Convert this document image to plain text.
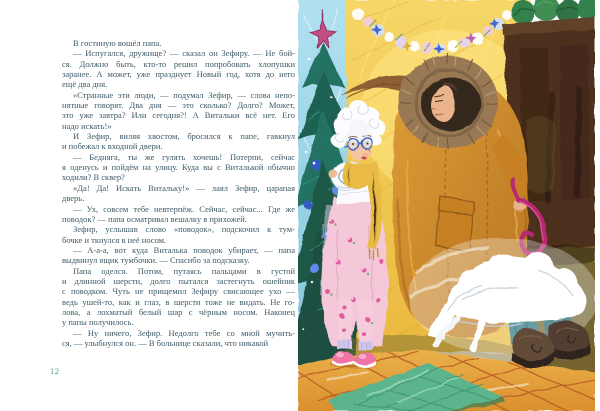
В гостиную вошёл папа.

— Испугался, дружище? — сказал он Зефиру. — Не бой-
ся. Должно быть, кто-то решил попробовать хлопушки
заранее. А может, уже празднует Новый год, хотя до него
ещё два дня.

«Странные эти люди, — подумал Зефир, — слова непо-
нятные говорят. Два дня — это сколько? Долго? Может,
это уже завтра? Или сегодня?! А Витальки всё нет. Его
надо искать!»

И Зефир, виляя хвостом, бросился к папе, гавкнул
и побежал к входной двери.

— Бедняга, ты же гулять хочешь! Потерпи, сейчас
я оденусь и пойдём на улицу. Куда вы с Виталькой обычно
ходили? В сквер?

«Да! Да! Искать Витальку!» — лаял Зефир, царапая
дверь.

— Ух, совсем тебе невтерпёж. Сейчас, сейчас... Где же
поводок? — папа осматривал вешалку в прихожей.

Зефир, услышав слово «поводок», подскочил к тум-
бочке и ткнулся в неё носом.

— А-а-а, вот куда Виталька поводок убирает, — папа
выдвинул ящик тумбочки. — Спасибо за подсказку.

Папа оделся. Потом, путаясь пальцами в густой
и длинной шерсти, долго пытался застегнуть ошейник
с поводком. Чуть не прищемил Зефиру свисающее ухо —
ведь ушей-то, как и глаз, в шерсти тоже не видать. Не го-
лова, а лохматый белый шар с чёрным носом. Наконец
у папы получилось.

— Ну ничего, Зефир. Недолго тебе со мной мучить-
ся, — улыбнулся он. — В больнице сказали, что никакой

12
